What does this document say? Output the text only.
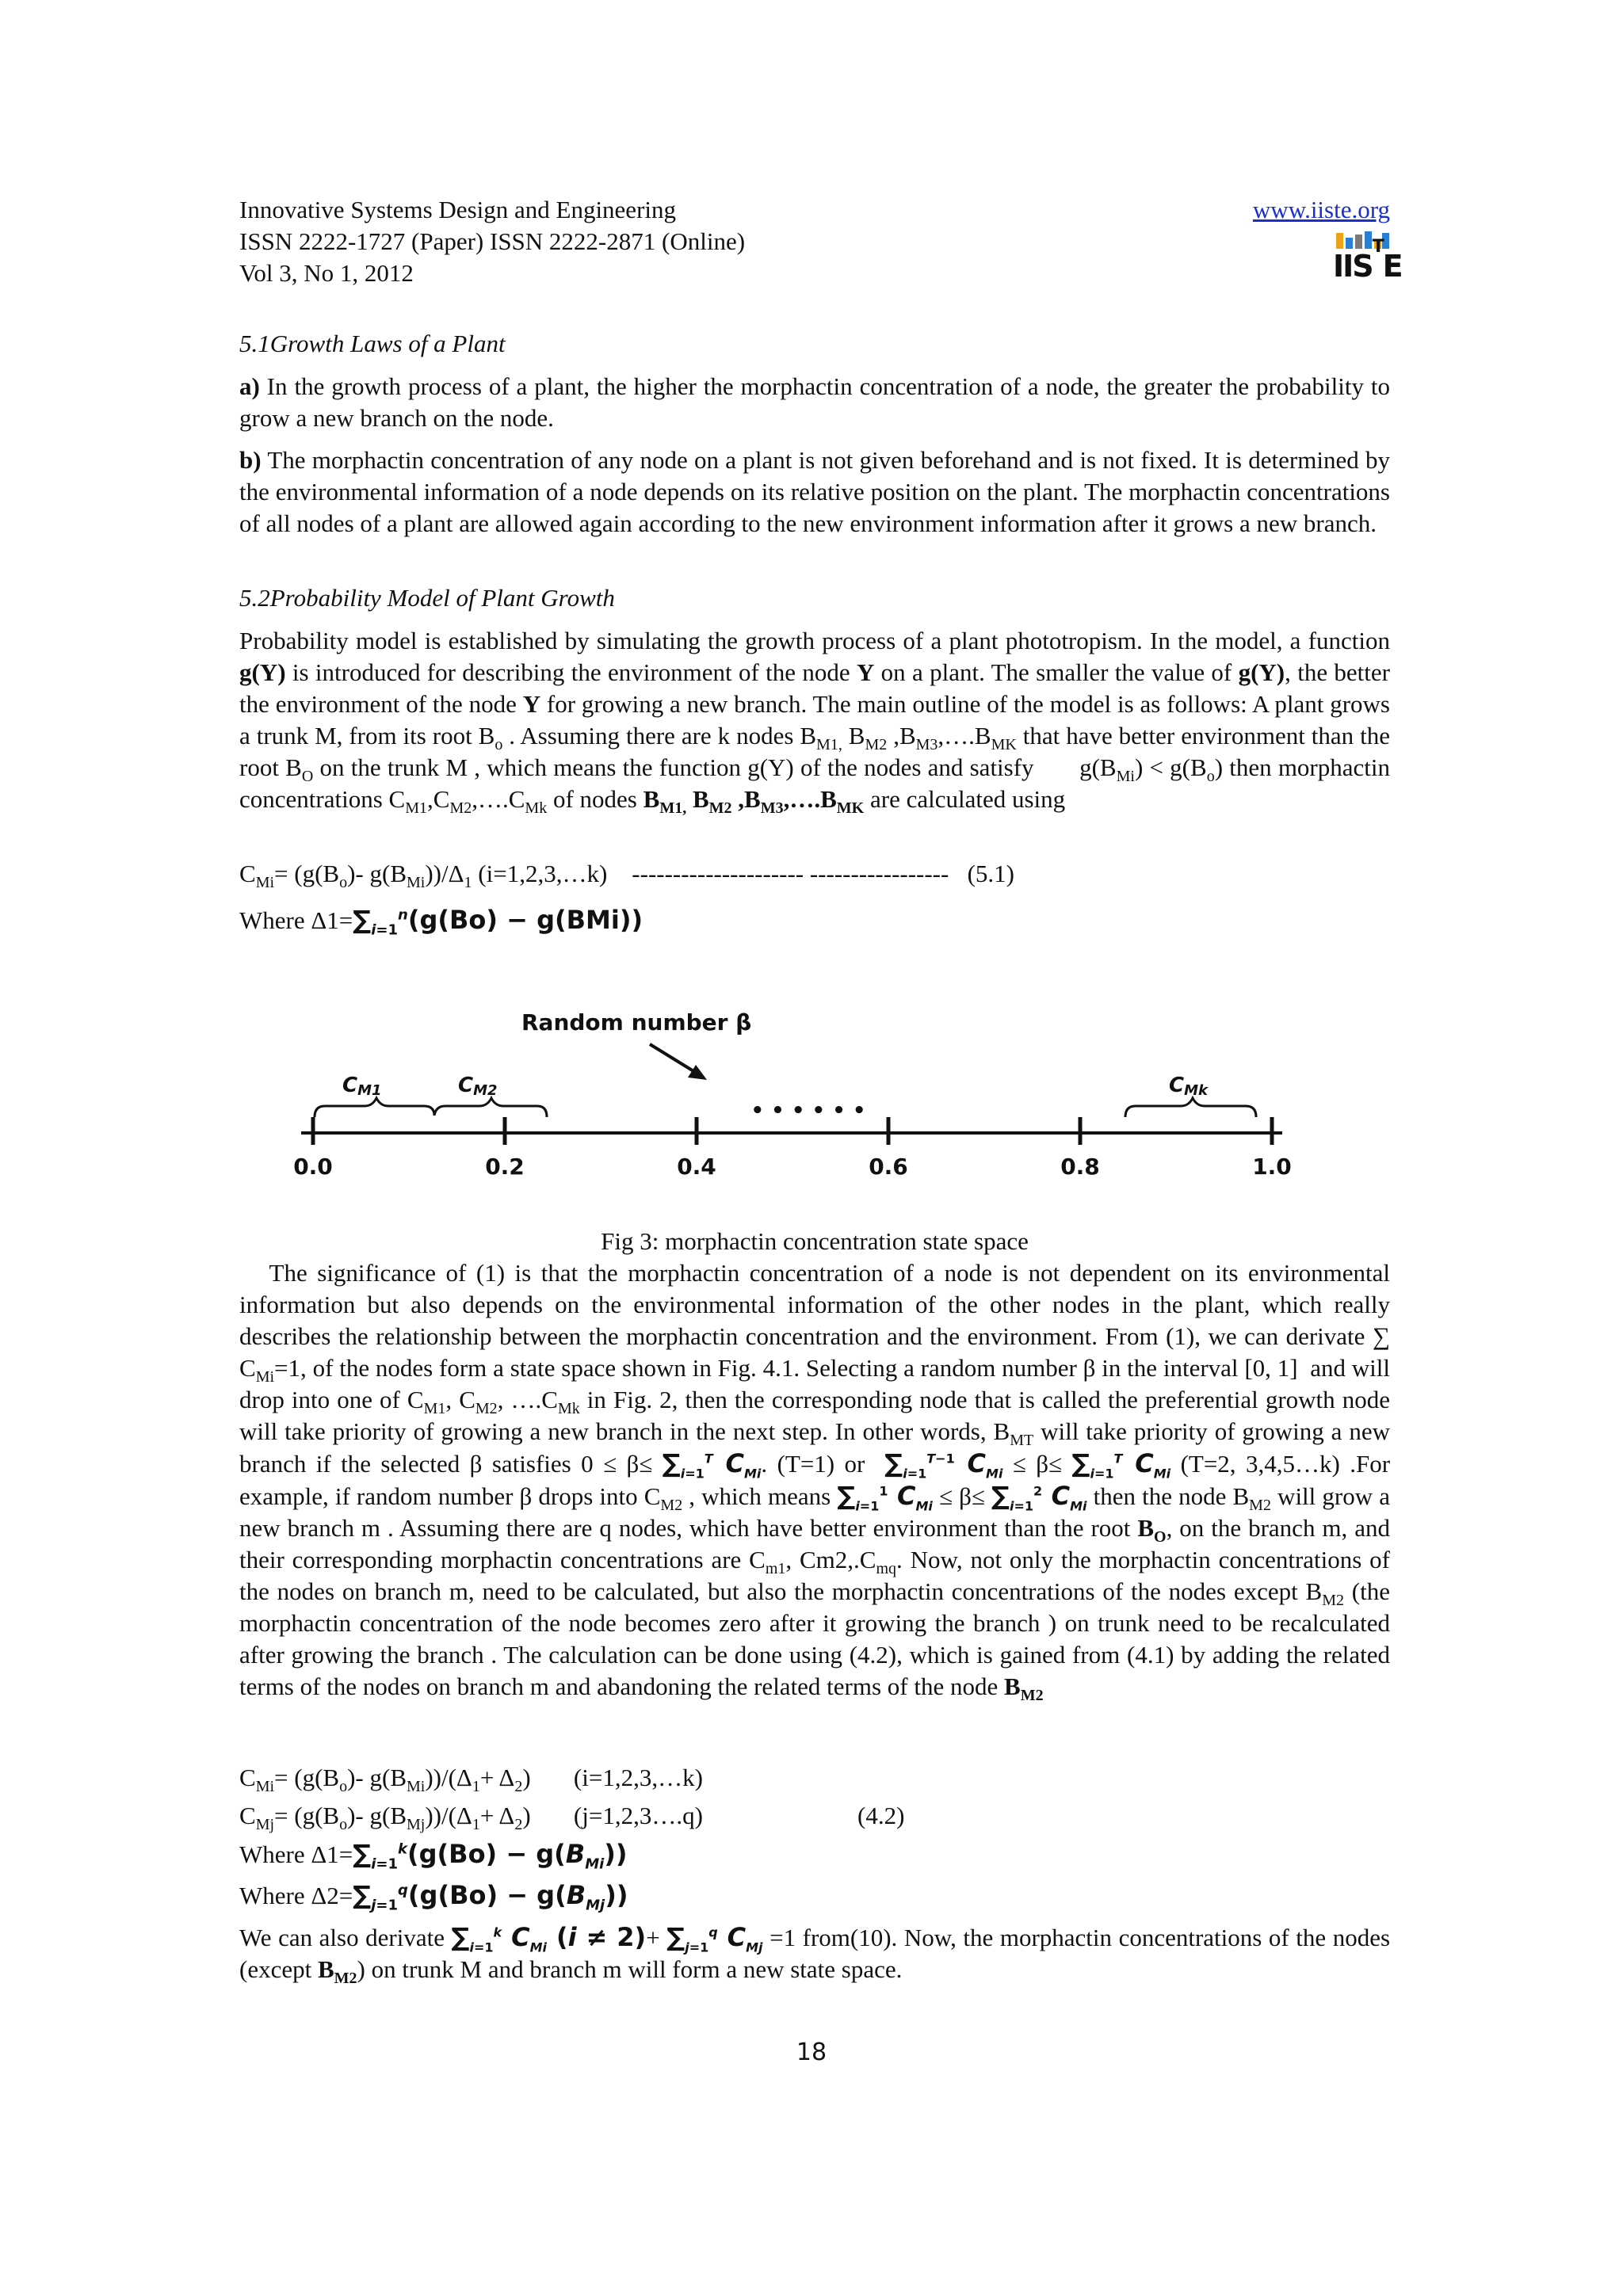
Innovative Systems Design and Engineering
ISSN 2222-1727 (Paper) ISSN 2222-2871 (Online)
Vol 3, No 1, 2012
www.iiste.org
$IIS^TE$
5.1Growth Laws of a Plant

a) In the growth process of a plant, the higher the morphactin concentration of a node, the greater the probability to grow a new branch on the node.

b) The morphactin concentration of any node on a plant is not given beforehand and is not fixed. It is determined by the environmental information of a node depends on its relative position on the plant. The morphactin concentrations of all nodes of a plant are allowed again according to the new environment information after it grows a new branch.

5.2Probability Model of Plant Growth

Probability model is established by simulating the growth process of a plant phototropism. In the model, a function g(Y) is introduced for describing the environment of the node Y on a plant. The smaller the value of g(Y), the better the environment of the node Y for growing a new branch. The main outline of the model is as follows: A plant grows a trunk M, from its root $B_o$ . Assuming there are k nodes $B_{M1,}$ $B_{M2}$ $,B_{M3},\dots.B_{MK}$ that have better environment than the root $B_O$ on the trunk M , which means the function g(Y) of the nodes and satisfy       $g(B_{Mi}) < g(B_o)$ then morphactin concentrations $C_{M1},C_{M2},\dots.C_{Mk}$ of nodes $B_{M1,}$ $B_{M2}$ $,B_{M3},\dots.B_{MK}$ are calculated using

$C_{Mi}= (g(B_o)-$ $g(B_{Mi}))/\Delta_1$ (i=1,2,3,…k)    --------------------- ----------------- (5.1)
Where $\Delta 1=\sum_{i=1}^n(g(Bo) - g(BMi))$
Random number β
CM1	CM2	CMk
• • • • • •
0.0	0.2	0.4	0.6	0.8	1.0
Fig 3: morphactin concentration state space

The significance of (1) is that the morphactin concentration of a node is not dependent on its environmental information but also depends on the environmental information of the other nodes in the plant, which really describes the relationship between the morphactin concentration and the environment. From (1), we can derivate ∑ $C_{Mi}=1$, of the nodes form a state space shown in Fig. 4.1. Selecting a random number β in the interval [0, 1]  and will drop into one of $C_{M1}$, $C_{M2}$, $\dots.C_{Mk}$ in Fig. 2, then the corresponding node that is called the preferential growth node will take priority of growing a new branch in the next step. In other words, $B_{MT}$ will take priority of growing a new branch if the selected β satisfies $0 \le \beta\le \sum_{i=1}^T$ $C_{Mi}$. (T=1) or  $\sum_{i=1}^{T-1}$ $C_{Mi} \le \beta\le \sum_{i=1}^T$ $C_{Mi}$ (T=2, 3,4,5…k) .For example, if random number β drops into $C_{M2}$ , which means $\sum_{i=1}^1$ $C_{Mi} \le \beta\le \sum_{i=1}^2$ $C_{Mi}$ then the node $B_{M2}$ will grow a new branch m . Assuming there are q nodes, which have better environment than the root $B_O$, on the branch m, and their corresponding morphactin concentrations are $C_{m1}$, $Cm2,.C_{mq}$. Now, not only the morphactin concentrations of the nodes on branch m, need to be calculated, but also the morphactin concentrations of the nodes except $B_{M2}$ (the morphactin concentration of the node becomes zero after it growing the branch ) on trunk need to be recalculated after growing the branch . The calculation can be done using (4.2), which is gained from (4.1) by adding the related terms of the nodes on branch m and abandoning the related terms of the node $B_{M2}$

$C_{Mi}= (g(B_o)-$ $g(B_{Mi}))/(\Delta_1+ \Delta_2)$       (i=1,2,3,…k)
$C_{Mj}= (g(B_o)-$ $g(B_{Mj}))/(\Delta_1+ \Delta_2)$       (j=1,2,3….q)	(4.2)
Where $\Delta 1=\sum_{i=1}^k(g(Bo) - g(B_{Mi}))$
Where $\Delta 2=\sum_{j=1}^q(g(Bo) - g(B_{Mj}))$

We can also derivate $\sum_{i=1}^k$ $C_{Mi}$ $(i \ne 2)+ \sum_{j=1}^q$ $C_{Mj} =1$ from(10). Now, the morphactin concentrations of the nodes (except $B_{M2}$) on trunk M and branch m will form a new state space.

18
